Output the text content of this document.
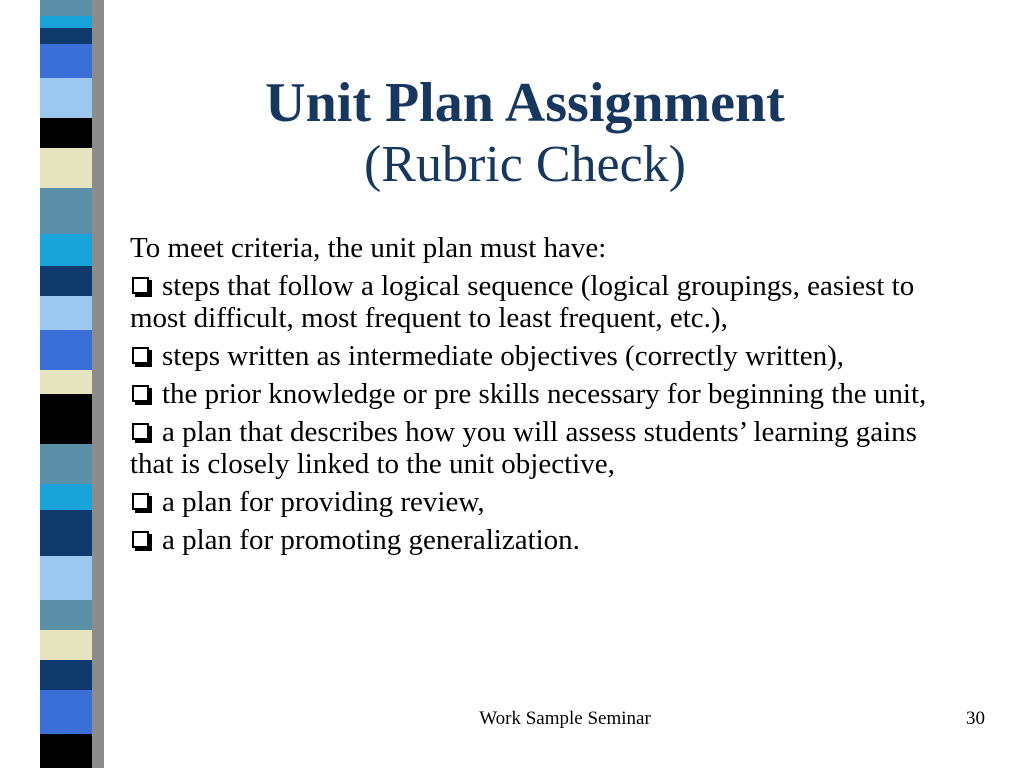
Unit Plan Assignment
(Rubric Check)
To meet criteria, the unit plan must have:
steps that follow a logical sequence (logical groupings, easiest to most difficult, most frequent to least frequent, etc.),
steps written as intermediate objectives (correctly written),
the prior knowledge or pre skills necessary for beginning the unit,
a plan that describes how you will assess students’ learning gains that is closely linked to the unit objective,
a plan for providing review,
a plan for promoting generalization.
Work Sample Seminar	30
